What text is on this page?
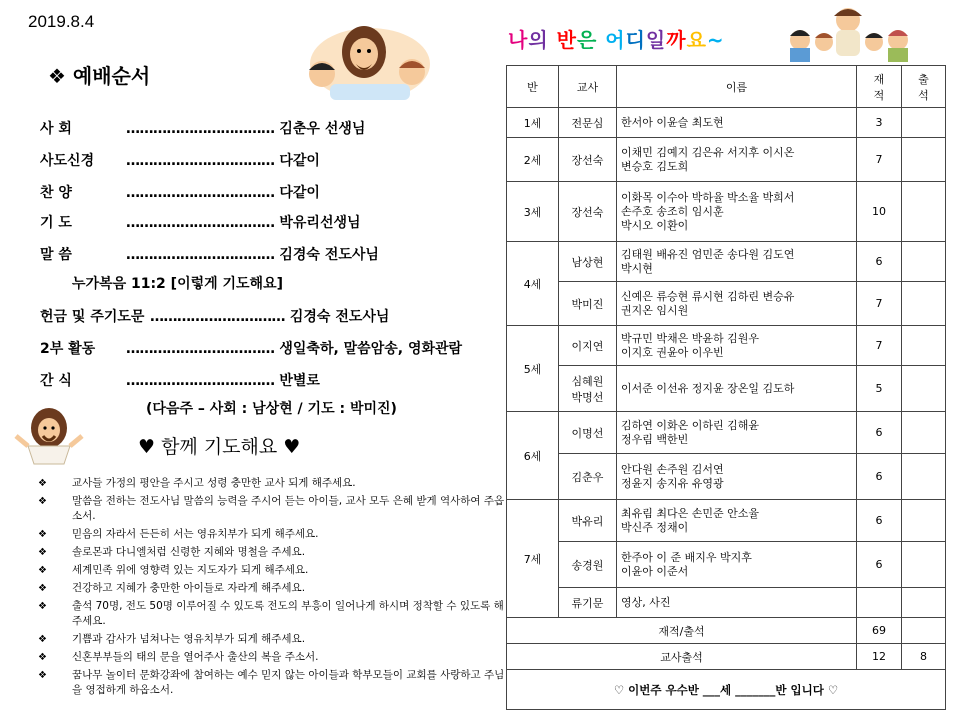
2019.8.4
❖ 예배순서
사 회	…………………………… 김춘우 선생님
사도신경 …………………………… 다같이
찬 양	…………………………… 다같이
기 도	…………………………… 박유리선생님
말 씀	…………………………… 김경숙 전도사님
누가복음 11:2 [이렇게 기도해요]
헌금 및 주기도문 ………………………… 김경숙 전도사님
2부 활동 …………………………… 생일축하, 말씀암송, 영화관람
간 식	…………………………… 반별로
(다음주 – 사회 : 남상현 / 기도 : 박미진)
♥ 함께 기도해요 ♥
❖ 교사들 가정의 평안을 주시고 성령 충만한 교사 되게 해주세요.
❖ 말씀을 전하는 전도사님 말씀의 능력을 주시어 듣는 아이들, 교사 모두 은혜 받게 역사하여 주옵소서.
❖ 믿음의 자라서 든든히 서는 영유치부가 되게 해주세요.
❖ 솔로몬과 다니엘처럼 신령한 지혜와 명철을 주세요.
❖ 세계민족 위에 영향력 있는 지도자가 되게 해주세요.
❖ 건강하고 지혜가 충만한 아이들로 자라게 해주세요.
❖ 출석 70명, 전도 50명 이루어질 수 있도록 전도의 부흥이 일어나게 하시며 정착할 수 있도록 해주세요.
❖ 기쁨과 감사가 넘쳐나는 영유치부가 되게 해주세요.
❖ 신혼부부들의 태의 문을 열어주사 출산의 복을 주소서.
❖ 꿈나무 놀이터 문화강좌에 참여하는 예수 믿지 않는 아이들과 학부모들이 교회를 사랑하고 주님을 영접하게 하옵소서.
나의 반은 어디일까요~
반	교사	이름	재
적	출
석
1세	전문심	한서아 이윤슬 최도현	3	
2세	장선숙	이채민 김예지 김은유 서지후 이시온
변승호 김도희	7	
3세	장선숙	이화목 이수아 박하율 박소율 박희서
손주호 송조히 임시훈
박시오 이환이	10	
4세	남상현	김태원 배유진 엄민준 송다원 김도연
박시현	6	
	박미진	신예은 류승현 류시현 김하린 변승유
권지온 임시원	7	
5세	이지연	박규민 박채은 박윤하 김원우
이지호 권윤아 이우빈	7	
	심혜원
박명선	이서준 이선유 정지윤 장온일 김도하	5	
6세	이명선	김하연 이화온 이하린 김해윤
정우림 백한빈	6	
	김춘우	안다원 손주원 김서연
정윤지 송지유 유영광	6	
7세	박유리	최유림 최다은 손민준 안소율
박신주 정채이	6	
	송경원	한주아 이 준 배지우 박지후
이윤아 이준서	6	
	류기문	영상, 사진		
재적/출석			69	
교사출석			12	8
♡ 이번주 우수반 ___세 _______반 입니다 ♡				
